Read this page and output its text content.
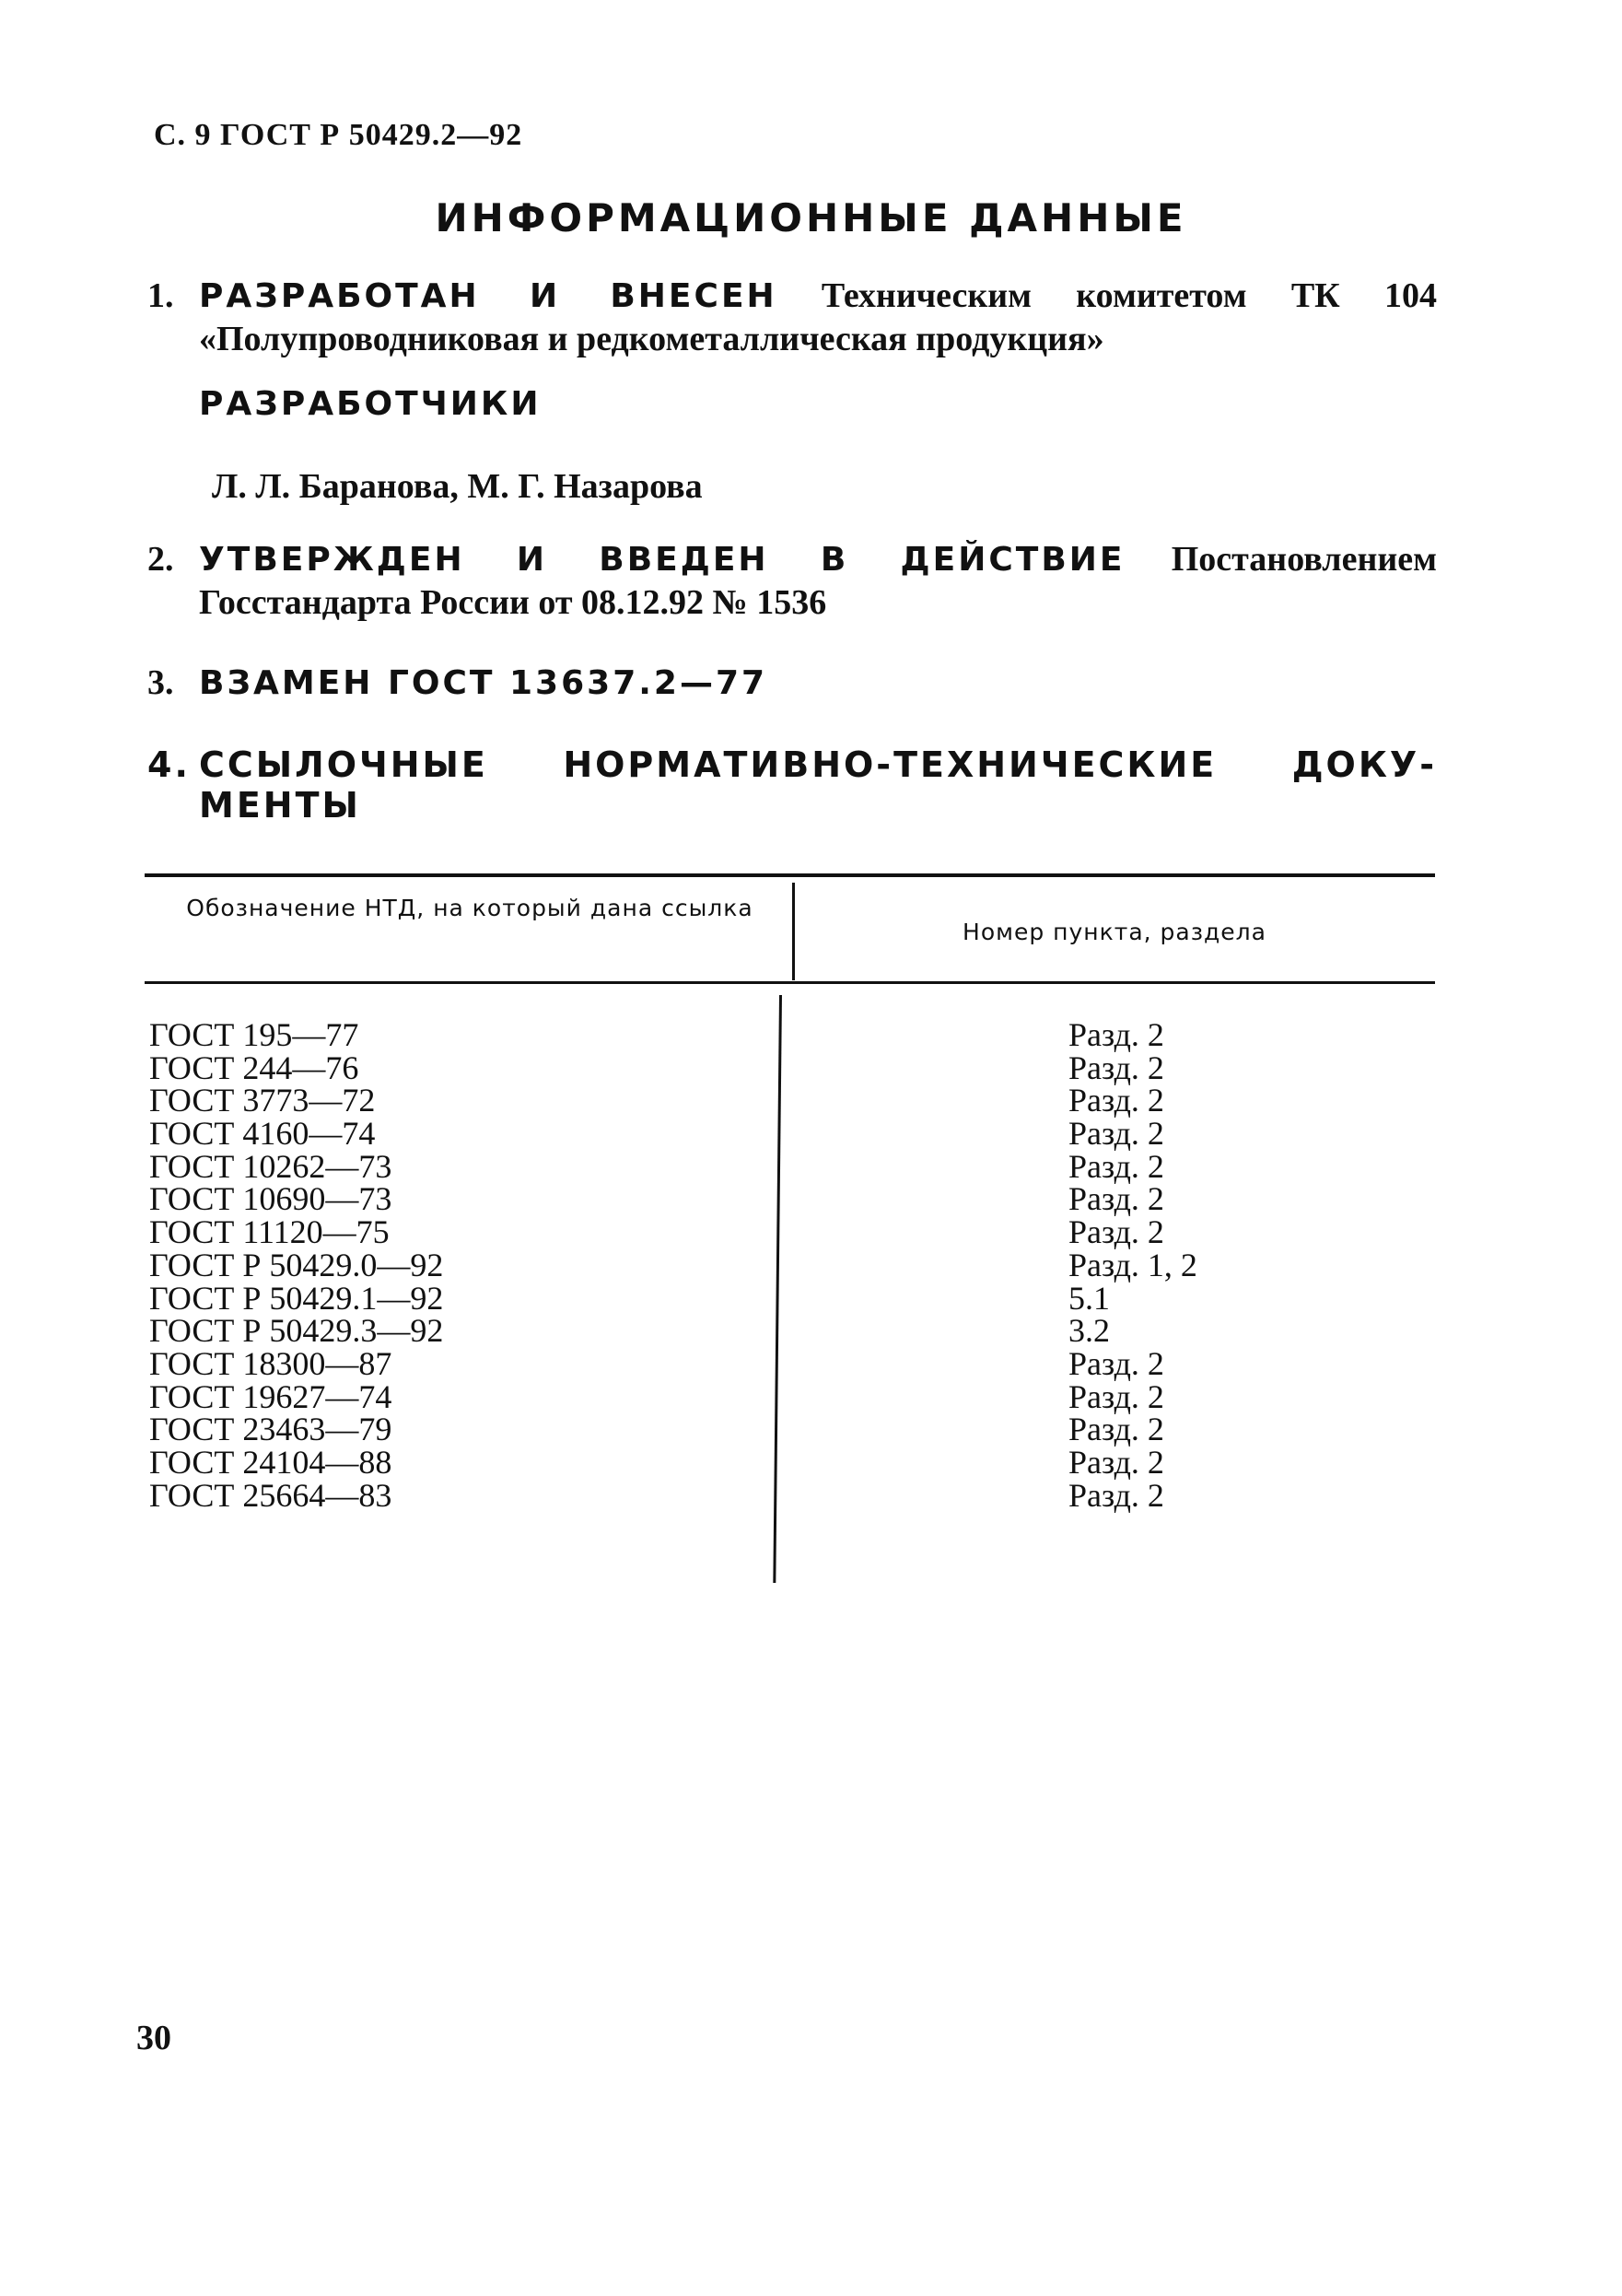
С. 9 ГОСТ Р 50429.2—92
ИНФОРМАЦИОННЫЕ ДАННЫЕ
1. РАЗРАБОТАН И ВНЕСЕН Техническим комитетом ТК 104 «Полупроводниковая и редкометаллическая продукция»
РАЗРАБОТЧИКИ
Л. Л. Баранова, М. Г. Назарова
2. УТВЕРЖДЕН И ВВЕДЕН В ДЕЙСТВИЕ Постановлением Госстандарта России от 08.12.92 № 1536
3. ВЗАМЕН ГОСТ 13637.2—77
4. ССЫЛОЧНЫЕ НОРМАТИВНО-ТЕХНИЧЕСКИЕ ДОКУ-
МЕНТЫ
Обозначение НТД, на который дана ссылка
Номер пункта, раздела
ГОСТ 195—77
ГОСТ 244—76
ГОСТ 3773—72
ГОСТ 4160—74
ГОСТ 10262—73
ГОСТ 10690—73
ГОСТ 11120—75
ГОСТ Р 50429.0—92
ГОСТ Р 50429.1—92
ГОСТ Р 50429.3—92
ГОСТ 18300—87
ГОСТ 19627—74
ГОСТ 23463—79
ГОСТ 24104—88
ГОСТ 25664—83
Разд. 2
Разд. 2
Разд. 2
Разд. 2
Разд. 2
Разд. 2
Разд. 2
Разд. 1, 2
5.1
3.2
Разд. 2
Разд. 2
Разд. 2
Разд. 2
Разд. 2
30
